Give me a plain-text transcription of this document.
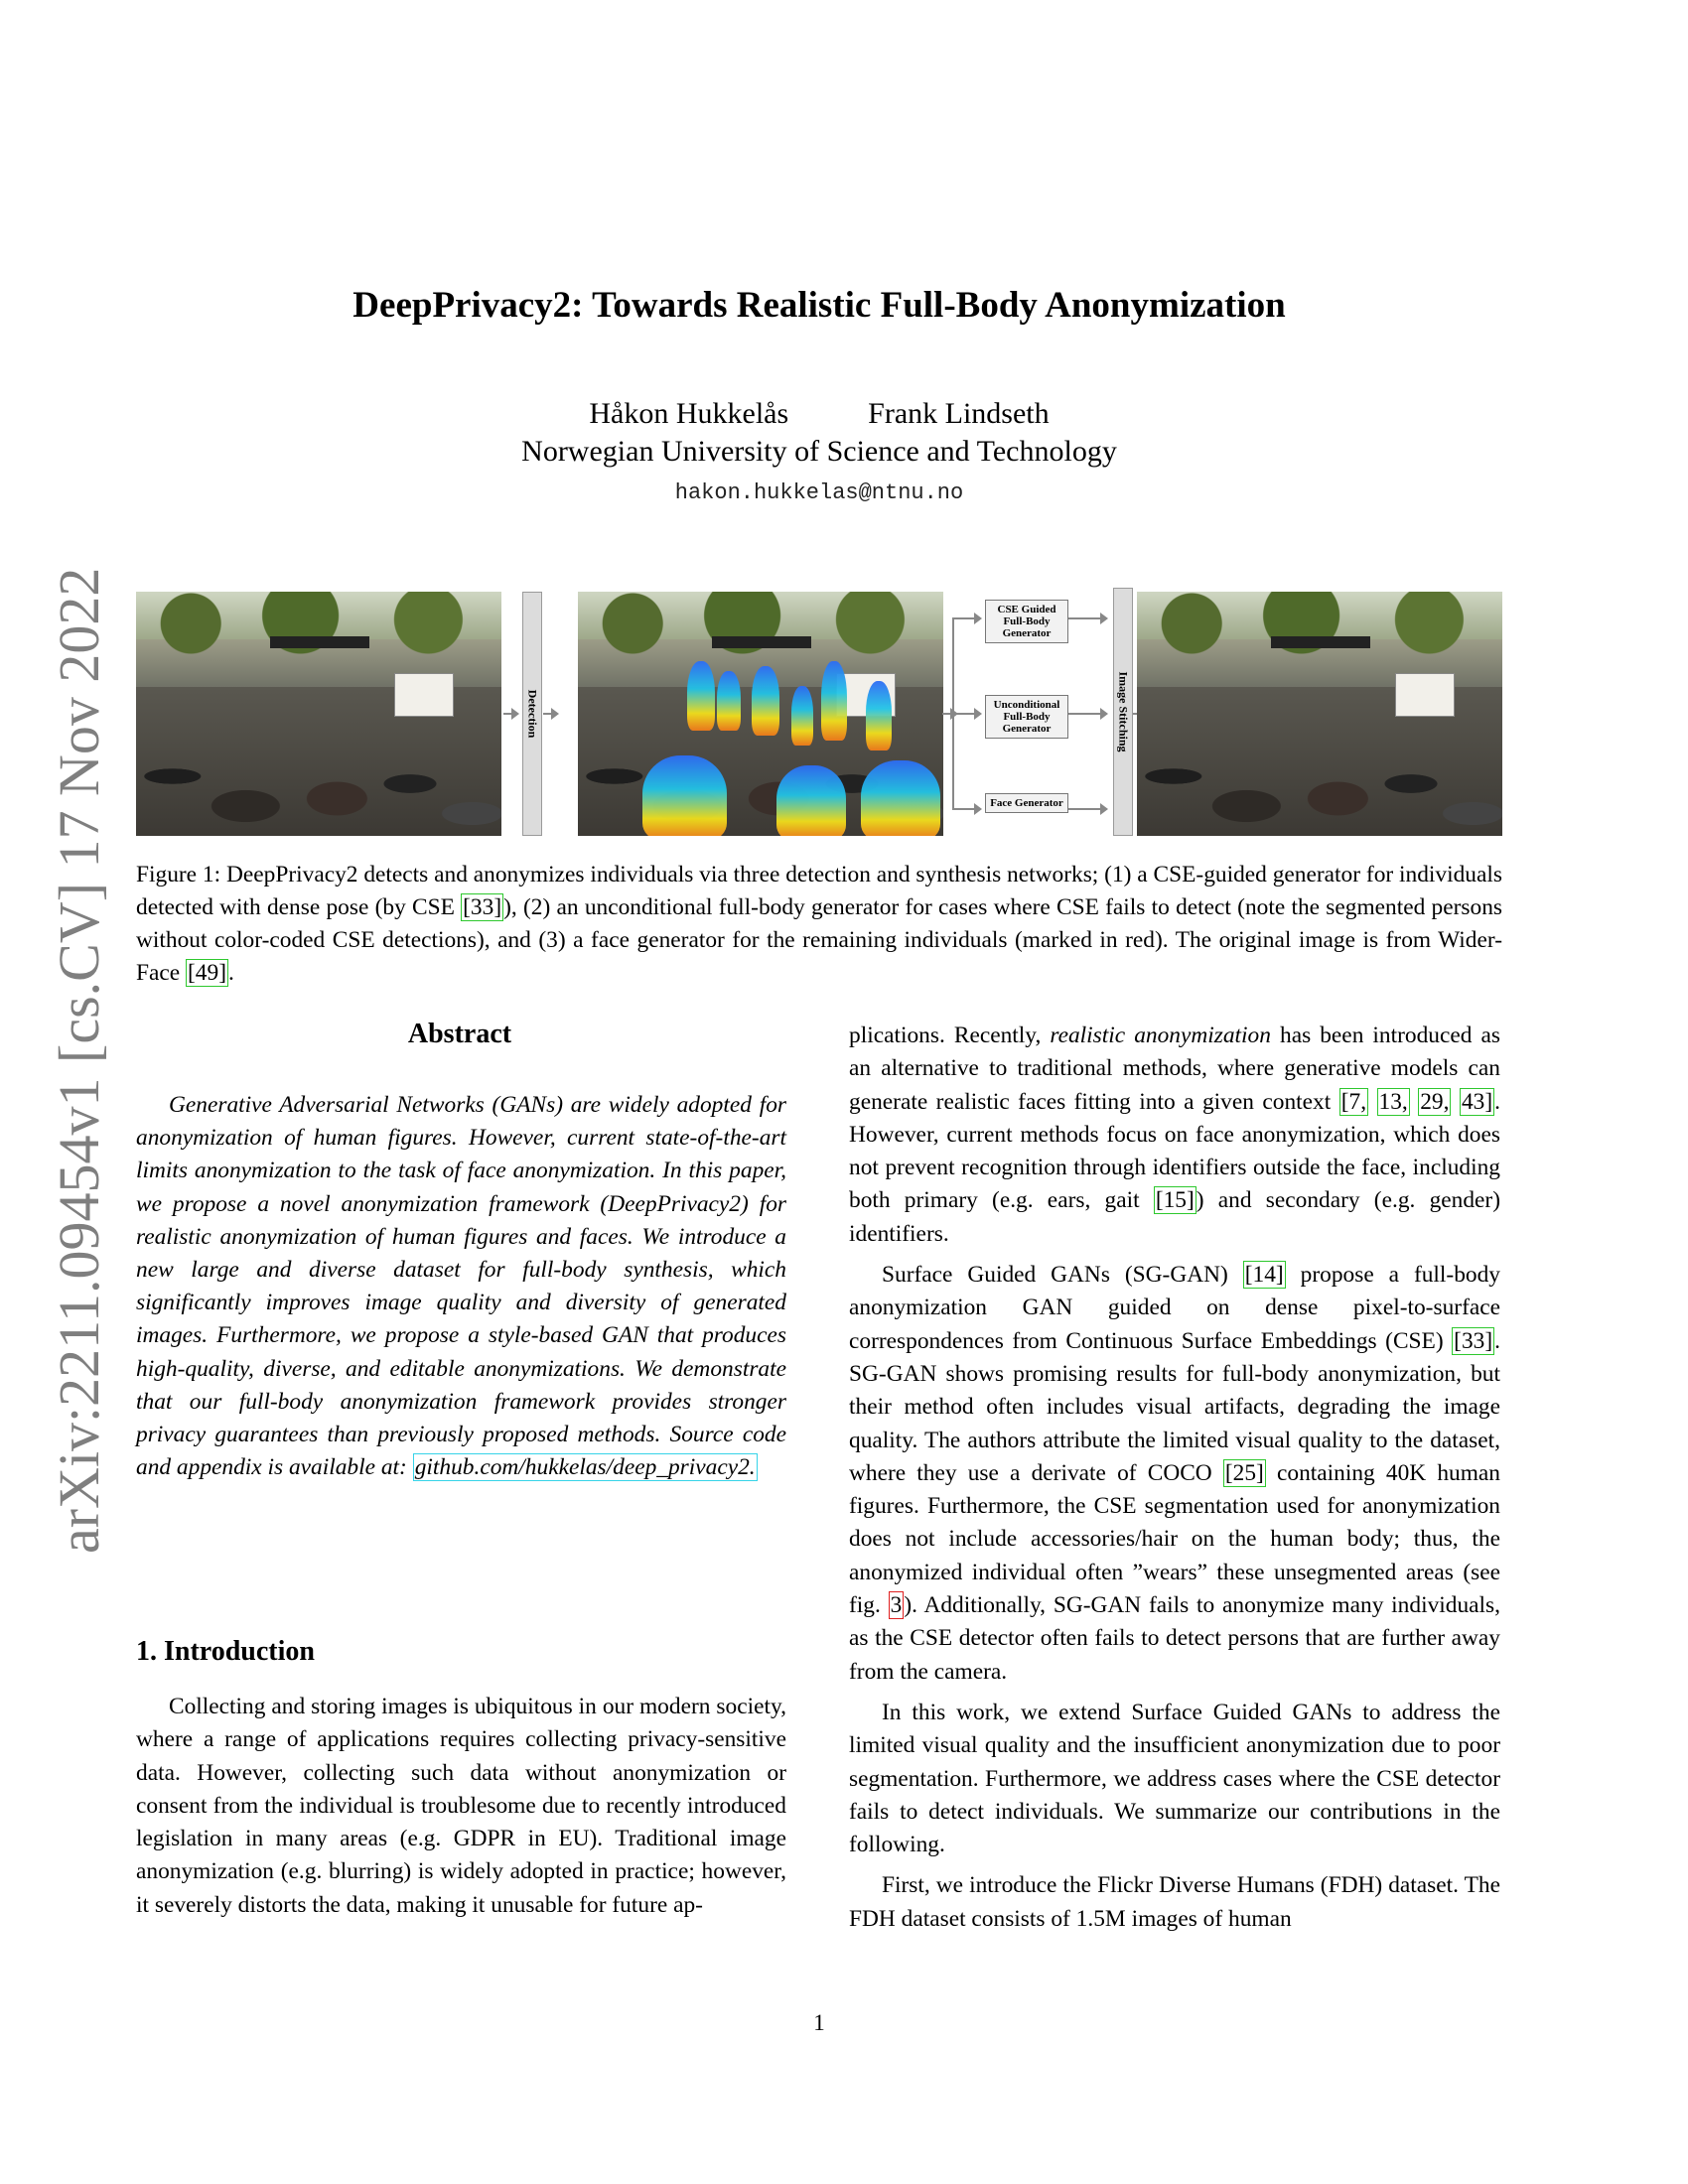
arXiv:2211.09454v1 [cs.CV] 17 Nov 2022
DeepPrivacy2: Towards Realistic Full-Body Anonymization
Håkon Hukkelås	Frank Lindseth
Norwegian University of Science and Technology
hakon.hukkelas@ntnu.no
Detection
CSE Guided Full-Body Generator
Unconditional Full-Body Generator
Face Generator
Image Stitching
Figure 1: DeepPrivacy2 detects and anonymizes individuals via three detection and synthesis networks; (1) a CSE-guided generator for individuals detected with dense pose (by CSE [33]), (2) an unconditional full-body generator for cases where CSE fails to detect (note the segmented persons without color-coded CSE detections), and (3) a face generator for the remaining individuals (marked in red). The original image is from Wider-Face [49].
Abstract

Generative Adversarial Networks (GANs) are widely adopted for anonymization of human figures. However, current state-of-the-art limits anonymization to the task of face anonymization. In this paper, we propose a novel anonymization framework (DeepPrivacy2) for realistic anonymization of human figures and faces. We introduce a new large and diverse dataset for full-body synthesis, which significantly improves image quality and diversity of generated images. Furthermore, we propose a style-based GAN that produces high-quality, diverse, and editable anonymizations. We demonstrate that our full-body anonymization framework provides stronger privacy guarantees than previously proposed methods. Source code and appendix is available at: github.com/hukkelas/deep_privacy2.

1. Introduction

Collecting and storing images is ubiquitous in our modern society, where a range of applications requires collecting privacy-sensitive data. However, collecting such data without anonymization or consent from the individual is troublesome due to recently introduced legislation in many areas (e.g. GDPR in EU). Traditional image anonymization (e.g. blurring) is widely adopted in practice; however, it severely distorts the data, making it unusable for future ap-

plications. Recently, realistic anonymization has been introduced as an alternative to traditional methods, where generative models can generate realistic faces fitting into a given context [7, 13, 29, 43]. However, current methods focus on face anonymization, which does not prevent recognition through identifiers outside the face, including both primary (e.g. ears, gait [15]) and secondary (e.g. gender) identifiers.

Surface Guided GANs (SG-GAN) [14] propose a full-body anonymization GAN guided on dense pixel-to-surface correspondences from Continuous Surface Embeddings (CSE) [33]. SG-GAN shows promising results for full-body anonymization, but their method often includes visual artifacts, degrading the image quality. The authors attribute the limited visual quality to the dataset, where they use a derivate of COCO [25] containing 40K human figures. Furthermore, the CSE segmentation used for anonymization does not include accessories/hair on the human body; thus, the anonymized individual often ”wears” these unsegmented areas (see fig. 3). Additionally, SG-GAN fails to anonymize many individuals, as the CSE detector often fails to detect persons that are further away from the camera.

In this work, we extend Surface Guided GANs to address the limited visual quality and the insufficient anonymization due to poor segmentation. Furthermore, we address cases where the CSE detector fails to detect individuals. We summarize our contributions in the following.

First, we introduce the Flickr Diverse Humans (FDH) dataset. The FDH dataset consists of 1.5M images of human

1
